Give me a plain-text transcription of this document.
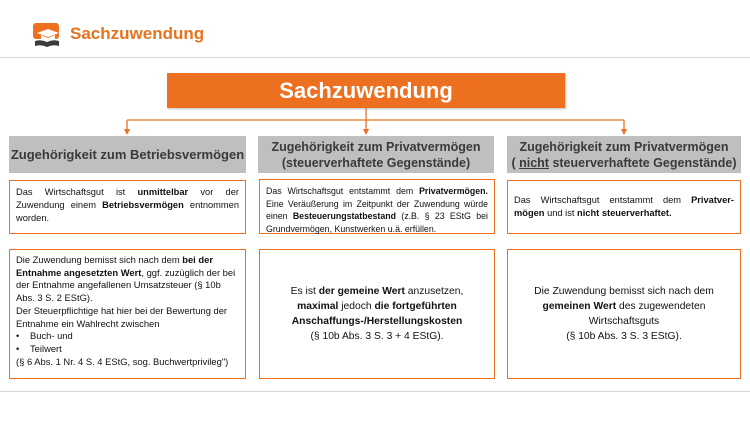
Sachzuwendung
Sachzuwendung
Zugehörigkeit zum Betriebsvermögen Zugehörigkeit zum Privatvermögen
(steuerverhaftete Gegenstände)
Zugehörigkeit zum Privatvermögen
( nicht steuerverhaftete Gegenstände)
Das Wirtschaftsgut ist unmittelbar vor der Zuwendung einem Betriebsvermögen entnommen worden.
Das Wirtschaftsgut entstammt dem Privatvermögen. Eine Veräußerung im Zeitpunkt der Zuwendung würde einen Besteuerungstatbestand (z.B. § 23 EStG bei Grundvermögen, Kunstwerken u.ä. erfüllen.
Das Wirtschaftsgut entstammt dem Privatver-mögen und ist nicht steuerverhaftet.
Die Zuwendung bemisst sich nach dem bei der Entnahme angesetzten Wert, ggf. zuzüglich der bei der Entnahme angefallenen Umsatzsteuer (§ 10b Abs. 3 S. 2 EStG).
Der Steuerpflichtige hat hier bei der Bewertung der Entnahme ein Wahlrecht zwischen
•	Buch- und
•	Teilwert
(§ 6 Abs. 1 Nr. 4 S. 4 EStG, sog. Buchwertprivileg")
Es ist der gemeine Wert anzusetzen,
maximal jedoch die fortgeführten
Anschaffungs-/Herstellungskosten
(§ 10b Abs. 3 S. 3 + 4 EStG).
Die Zuwendung bemisst sich nach dem
gemeinen Wert des zugewendeten
Wirtschaftsguts
(§ 10b Abs. 3 S. 3 EStG).
